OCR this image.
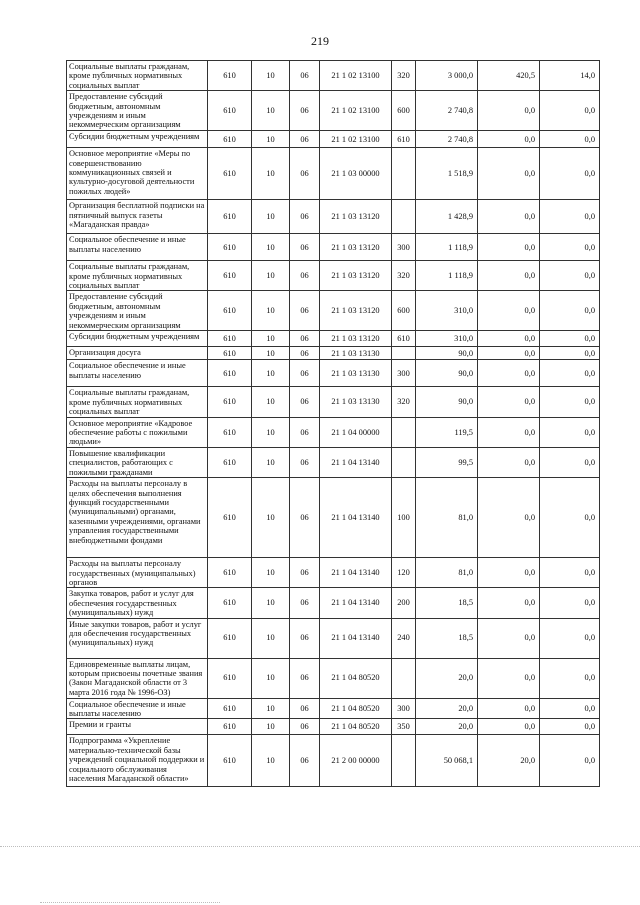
219
Социальные выплаты гражданам, кроме публичных нормативных социальных выплат	610	10	06	21 1 02 13100	320	3 000,0	420,5	14,0
Предоставление субсидий бюджетным, автономным учреждениям и иным некоммерческим организациям	610	10	06	21 1 02 13100	600	2 740,8	0,0	0,0
Субсидии бюджетным учреждениям	610	10	06	21 1 02 13100	610	2 740,8	0,0	0,0
Основное мероприятие «Меры по совершенствованию коммуникационных связей и культурно-досуговой деятельности пожилых людей»	610	10	06	21 1 03 00000		1 518,9	0,0	0,0
Организация бесплатной подписки на пятничный выпуск газеты «Магаданская правда»	610	10	06	21 1 03 13120		1 428,9	0,0	0,0
Социальное обеспечение и иные выплаты населению	610	10	06	21 1 03 13120	300	1 118,9	0,0	0,0
Социальные выплаты гражданам, кроме публичных нормативных социальных выплат	610	10	06	21 1 03 13120	320	1 118,9	0,0	0,0
Предоставление субсидий бюджетным, автономным учреждениям и иным некоммерческим организациям	610	10	06	21 1 03 13120	600	310,0	0,0	0,0
Субсидии бюджетным учреждениям	610	10	06	21 1 03 13120	610	310,0	0,0	0,0
Организация досуга	610	10	06	21 1 03 13130		90,0	0,0	0,0
Социальное обеспечение и иные выплаты населению	610	10	06	21 1 03 13130	300	90,0	0,0	0,0
Социальные выплаты гражданам, кроме публичных нормативных социальных выплат	610	10	06	21 1 03 13130	320	90,0	0,0	0,0
Основное мероприятие «Кадровое обеспечение работы с пожилыми людьми»	610	10	06	21 1 04 00000		119,5	0,0	0,0
Повышение квалификации специалистов, работающих с пожилыми гражданами	610	10	06	21 1 04 13140		99,5	0,0	0,0
Расходы на выплаты персоналу в целях обеспечения выполнения функций государственными (муниципальными) органами, казенными учреждениями, органами управления государственными внебюджетными фондами	610	10	06	21 1 04 13140	100	81,0	0,0	0,0
Расходы на выплаты персоналу государственных (муниципальных) органов	610	10	06	21 1 04 13140	120	81,0	0,0	0,0
Закупка товаров, работ и услуг для обеспечения государственных (муниципальных) нужд	610	10	06	21 1 04 13140	200	18,5	0,0	0,0
Иные закупки товаров, работ и услуг для обеспечения государственных (муниципальных) нужд	610	10	06	21 1 04 13140	240	18,5	0,0	0,0
Единовременные выплаты лицам, которым присвоены почетные звания (Закон Магаданской области от 3 марта 2016 года № 1996-ОЗ)	610	10	06	21 1 04 80520		20,0	0,0	0,0
Социальное обеспечение и иные выплаты населению	610	10	06	21 1 04 80520	300	20,0	0,0	0,0
Премии и гранты	610	10	06	21 1 04 80520	350	20,0	0,0	0,0
Подпрограмма «Укрепление материально-технической базы учреждений социальной поддержки и социального обслуживания населения Магаданской области»	610	10	06	21 2 00 00000		50 068,1	20,0	0,0
